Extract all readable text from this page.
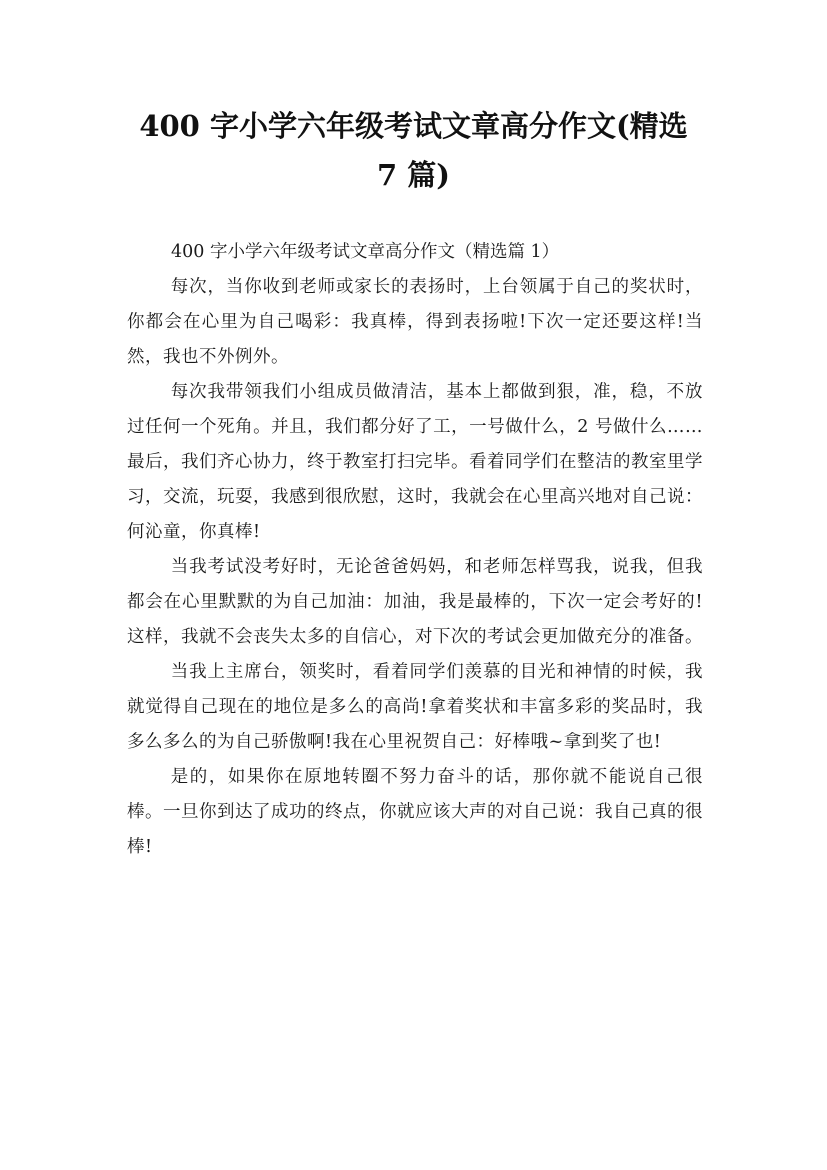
400 字小学六年级考试文章高分作文(精选
7 篇)
400 字小学六年级考试文章高分作文（精选篇 1）

每次，当你收到老师或家长的表扬时，上台领属于自己的奖状时，你都会在心里为自己喝彩：我真棒，得到表扬啦!下次一定还要这样!当然，我也不外例外。

每次我带领我们小组成员做清洁，基本上都做到狠，准，稳，不放过任何一个死角。并且，我们都分好了工，一号做什么，2 号做什么……最后，我们齐心协力，终于教室打扫完毕。看着同学们在整洁的教室里学习，交流，玩耍，我感到很欣慰，这时，我就会在心里高兴地对自己说：何沁童，你真棒!

当我考试没考好时，无论爸爸妈妈，和老师怎样骂我，说我，但我都会在心里默默的为自己加油：加油，我是最棒的，下次一定会考好的!这样，我就不会丧失太多的自信心，对下次的考试会更加做充分的准备。

当我上主席台，领奖时，看着同学们羡慕的目光和神情的时候，我就觉得自己现在的地位是多么的高尚!拿着奖状和丰富多彩的奖品时，我多么多么的为自己骄傲啊!我在心里祝贺自己：好棒哦~拿到奖了也!

是的，如果你在原地转圈不努力奋斗的话，那你就不能说自己很棒。一旦你到达了成功的终点，你就应该大声的对自己说：我自己真的很棒!
